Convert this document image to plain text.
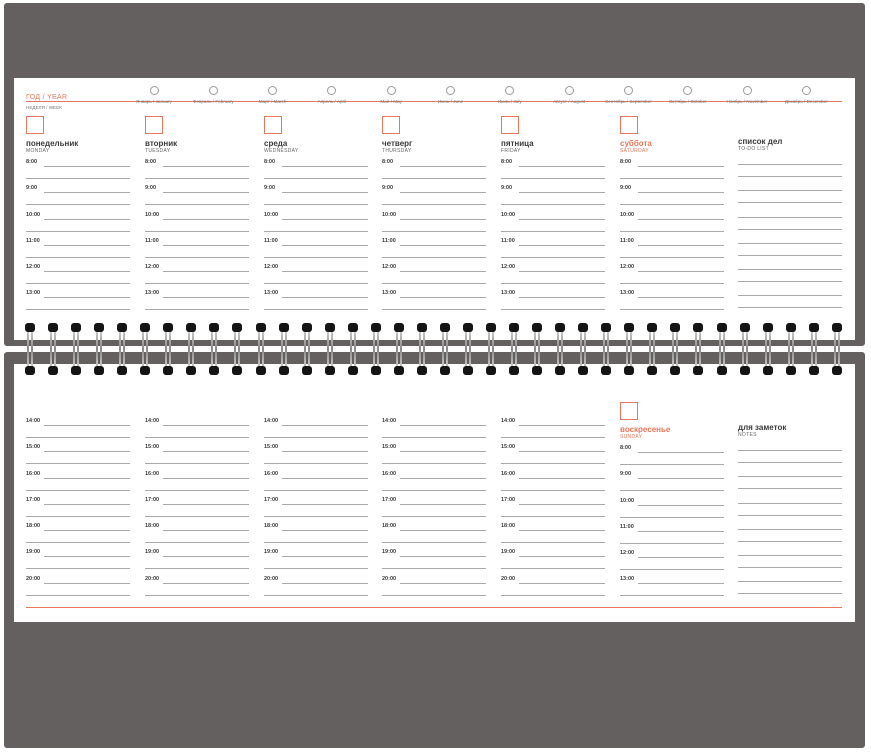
ГОД / YEAR
НЕДЕЛЯ / WEEK
Январь / January	Февраль / February	Март / March	Апрель / April	Май / May	Июнь / June	Июль / July	Август / August	Сентябрь / September	Октябрь / October	Ноябрь / November	Декабрь / December
понедельник
MONDAY
8:00
9:00
10:00
11:00
12:00
13:00
вторник
TUESDAY
8:00
9:00
10:00
11:00
12:00
13:00
среда
WEDNESDAY
8:00
9:00
10:00
11:00
12:00
13:00
четверг
THURSDAY
8:00
9:00
10:00
11:00
12:00
13:00
пятница
FRIDAY
8:00
9:00
10:00
11:00
12:00
13:00
суббота
SATURDAY
8:00
9:00
10:00
11:00
12:00
13:00
список дел
TO-DO LIST
14:00
15:00
16:00
17:00
18:00
19:00
20:00
14:00
15:00
16:00
17:00
18:00
19:00
20:00
14:00
15:00
16:00
17:00
18:00
19:00
20:00
14:00
15:00
16:00
17:00
18:00
19:00
20:00
14:00
15:00
16:00
17:00
18:00
19:00
20:00
воскресенье
SUNDAY
8:00
9:00
10:00
11:00
12:00
13:00
для заметок
NOTES
